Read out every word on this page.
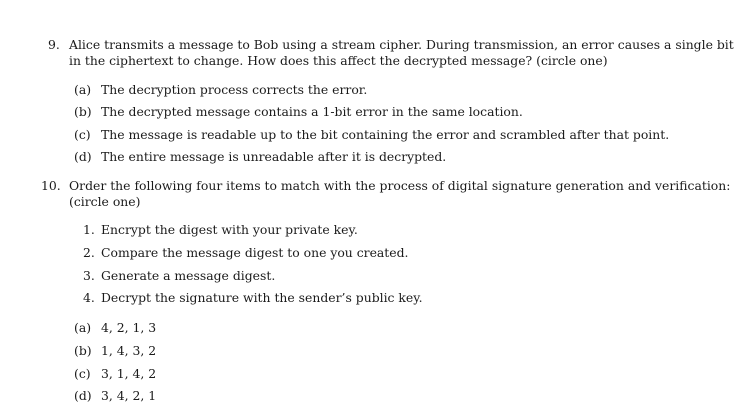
9. Alice transmits a message to Bob using a stream cipher. During transmission, an error causes a single bit
in the ciphertext to change. How does this affect the decrypted message? (circle one)
(a) The decryption process corrects the error.
(b) The decrypted message contains a 1-bit error in the same location.
(c) The message is readable up to the bit containing the error and scrambled after that point.
(d) The entire message is unreadable after it is decrypted.
10. Order the following four items to match with the process of digital signature generation and verification:
(circle one)
1. Encrypt the digest with your private key.
2. Compare the message digest to one you created.
3. Generate a message digest.
4. Decrypt the signature with the sender’s public key.
(a) 4, 2, 1, 3
(b) 1, 4, 3, 2
(c) 3, 1, 4, 2
(d) 3, 4, 2, 1
